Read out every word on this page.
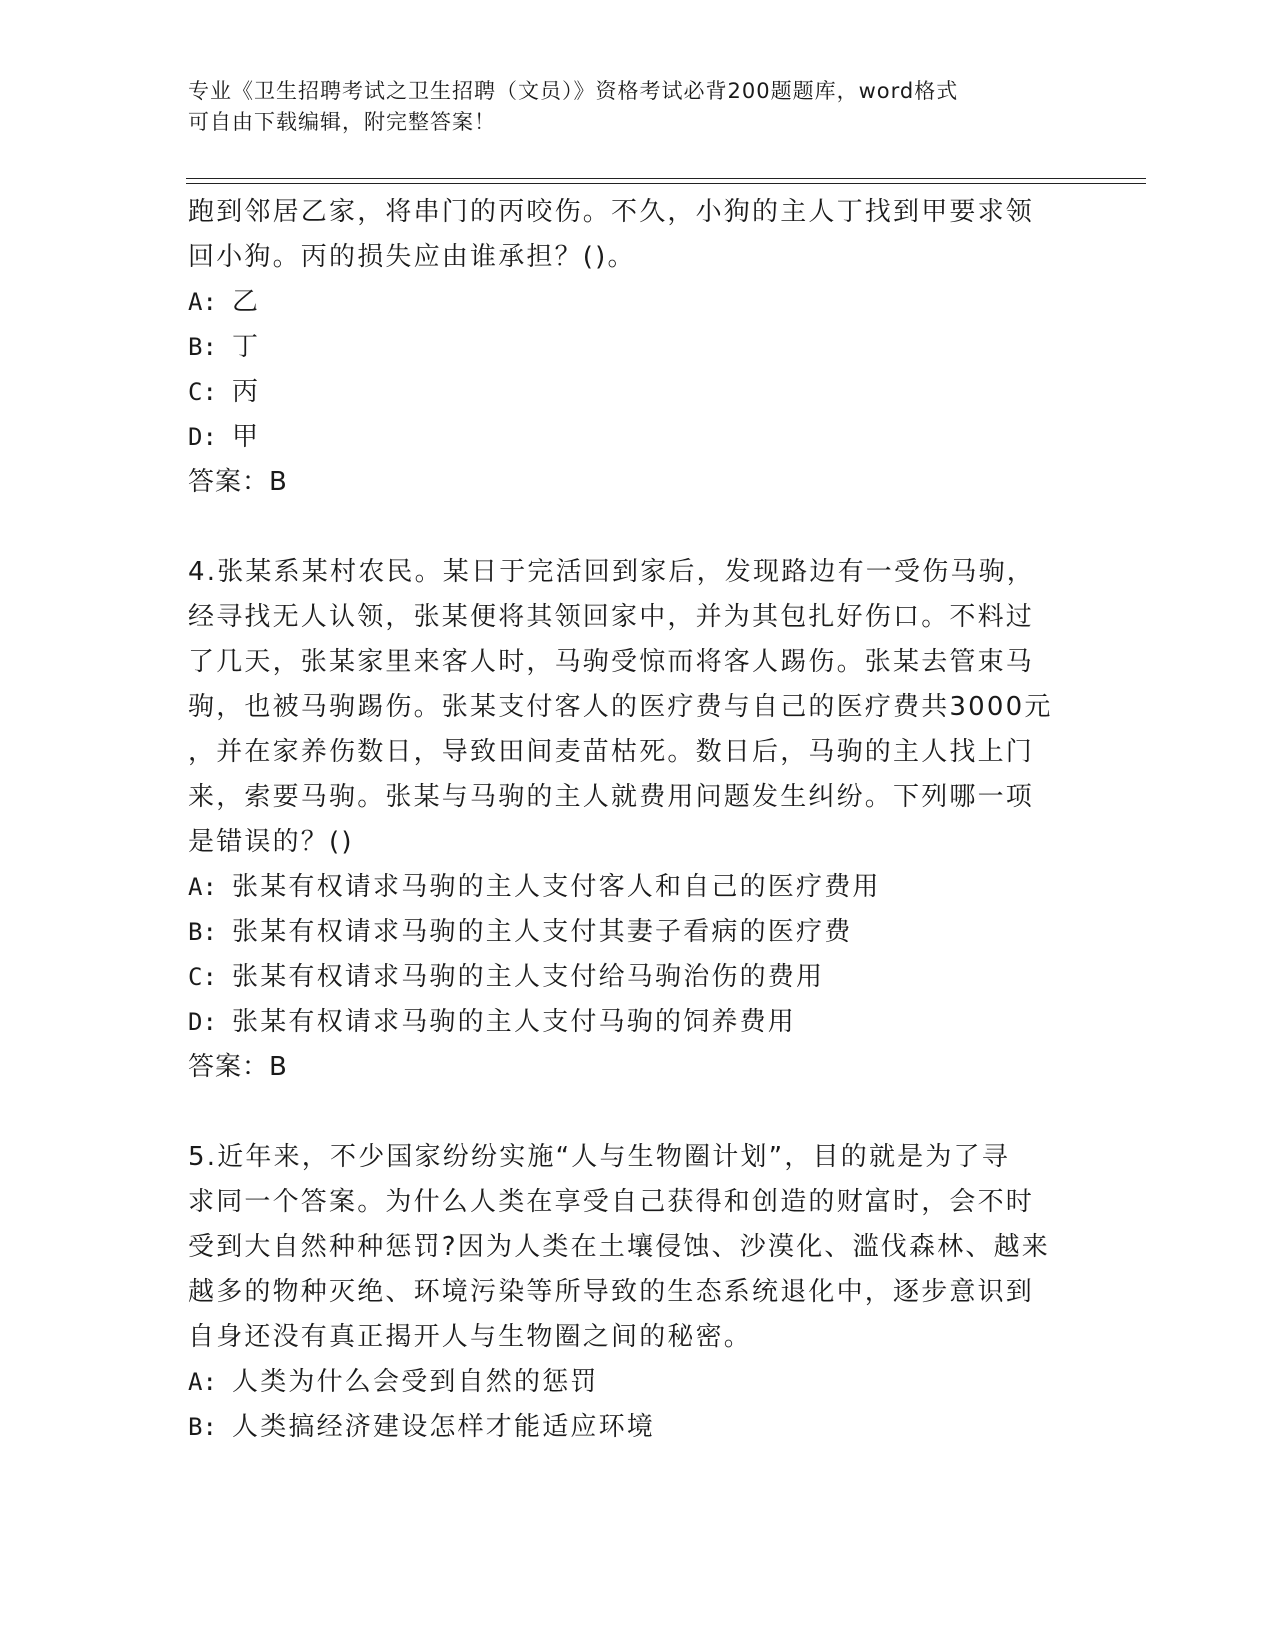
专业《卫生招聘考试之卫生招聘（文员）》资格考试必背200题题库，word格式
可自由下载编辑，附完整答案！
跑到邻居乙家，将串门的丙咬伤。不久，小狗的主人丁找到甲要求领
回小狗。丙的损失应由谁承担？()。
A: 乙
B: 丁
C: 丙
D: 甲
答案：B
4.张某系某村农民。某日于完活回到家后，发现路边有一受伤马驹，
经寻找无人认领，张某便将其领回家中，并为其包扎好伤口。不料过
了几天，张某家里来客人时，马驹受惊而将客人踢伤。张某去管束马
驹，也被马驹踢伤。张某支付客人的医疗费与自己的医疗费共3000元
，并在家养伤数日，导致田间麦苗枯死。数日后，马驹的主人找上门
来，索要马驹。张某与马驹的主人就费用问题发生纠纷。下列哪一项
是错误的？()
A: 张某有权请求马驹的主人支付客人和自己的医疗费用
B: 张某有权请求马驹的主人支付其妻子看病的医疗费
C: 张某有权请求马驹的主人支付给马驹治伤的费用
D: 张某有权请求马驹的主人支付马驹的饲养费用
答案：B
5.近年来，不少国家纷纷实施“人与生物圈计划”，目的就是为了寻
求同一个答案。为什么人类在享受自己获得和创造的财富时，会不时
受到大自然种种惩罚?因为人类在土壤侵蚀、沙漠化、滥伐森林、越来
越多的物种灭绝、环境污染等所导致的生态系统退化中，逐步意识到
自身还没有真正揭开人与生物圈之间的秘密。
A: 人类为什么会受到自然的惩罚
B: 人类搞经济建设怎样才能适应环境
